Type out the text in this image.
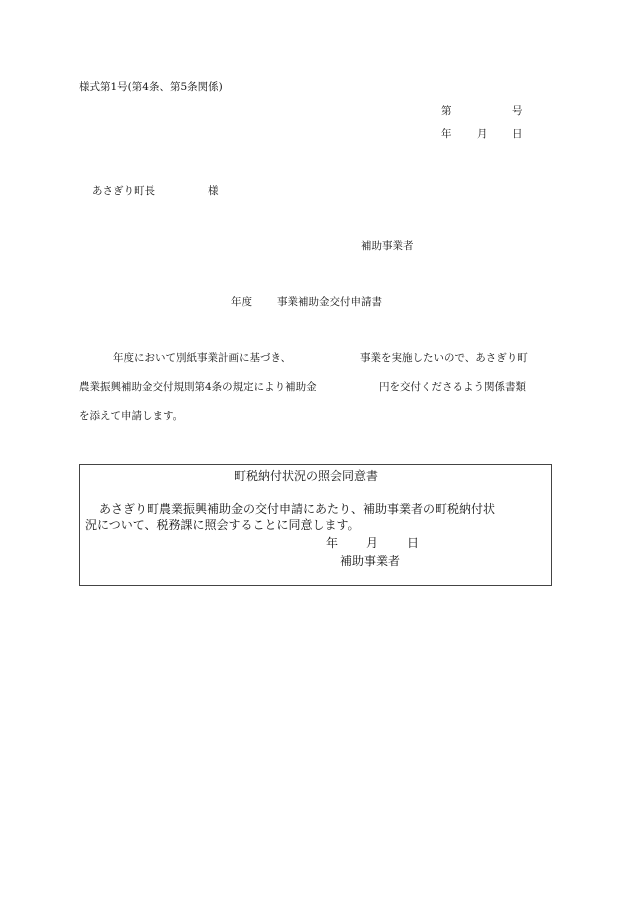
様式第1号(第4条、第5条関係)
第	号
年 月 日
あさぎり町長	様
補助事業者
年度 事業補助金交付申請書
年度において別紙事業計画に基づき、	事業を実施したいので、あさぎり町
農業振興補助金交付規則第4条の規定により補助金	円を交付くださるよう関係書類
を添えて申請します。
町税納付状況の照会同意書
あさぎり町農業振興補助金の交付申請にあたり、補助事業者の町税納付状
況について、税務課に照会することに同意します。
年 月 日
補助事業者
